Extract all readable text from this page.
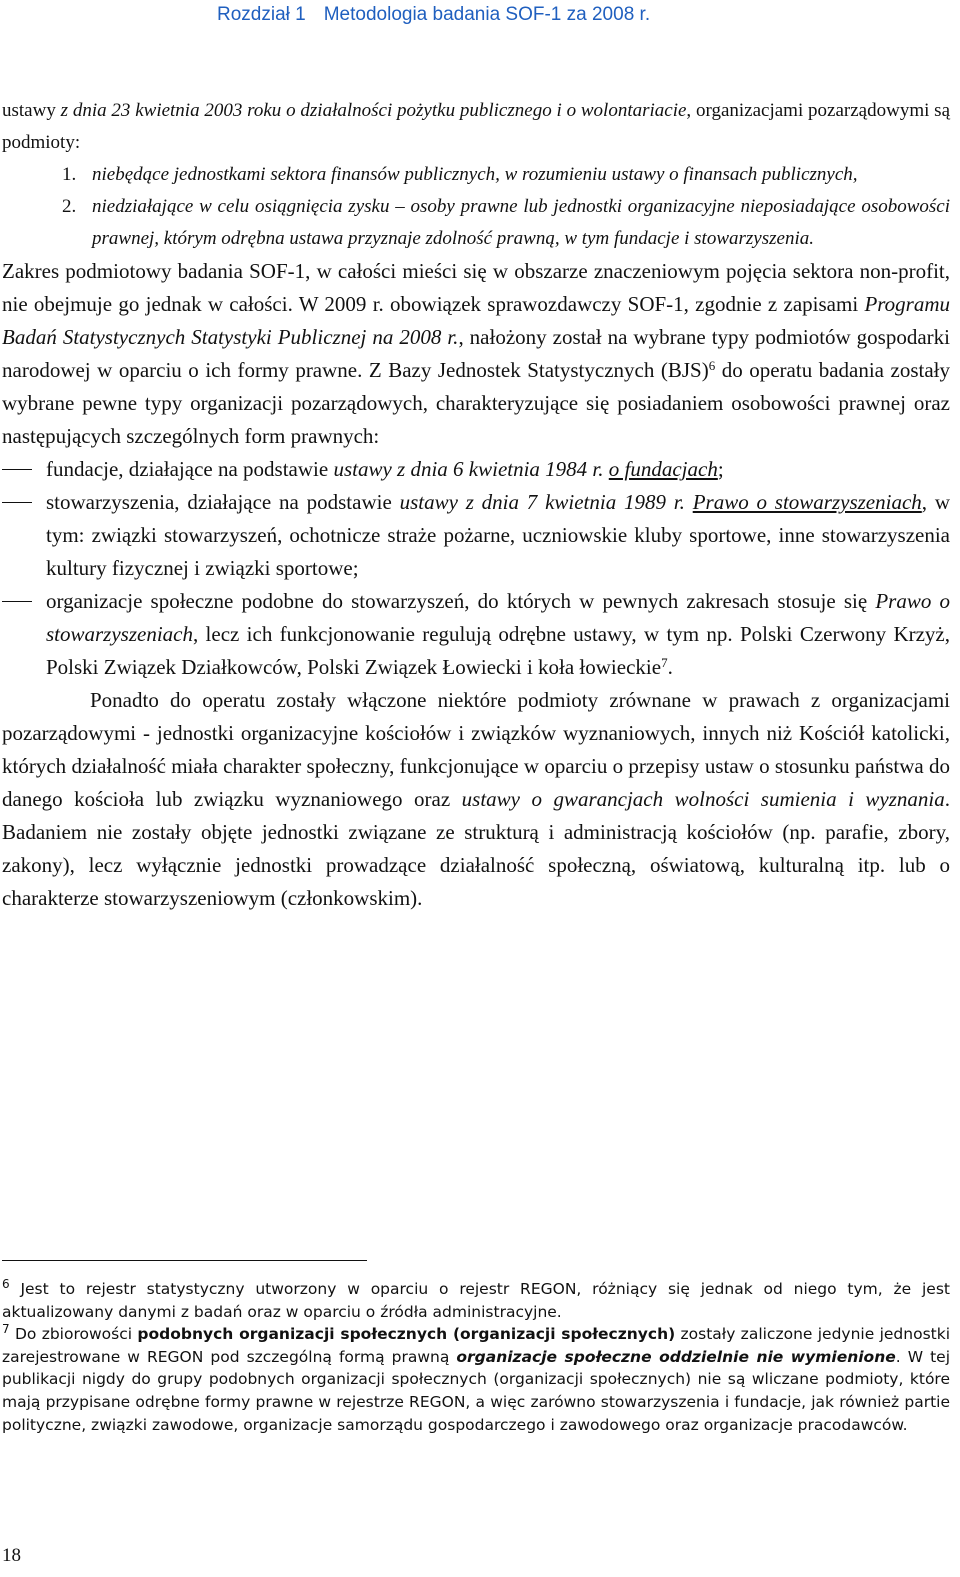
Rozdział 1 Metodologia badania SOF-1 za 2008 r.

ustawy z dnia 23 kwietnia 2003 roku o działalności pożytku publicznego i o wolontariacie, organizacjami pozarządowymi są podmioty:

1. niebędące jednostkami sektora finansów publicznych, w rozumieniu ustawy o finansach publicznych,
2. niedziałające w celu osiągnięcia zysku – osoby prawne lub jednostki organizacyjne nieposiadające osobowości prawnej, którym odrębna ustawa przyznaje zdolność prawną, w tym fundacje i stowarzyszenia.

Zakres podmiotowy badania SOF-1, w całości mieści się w obszarze znaczeniowym pojęcia sektora non-profit, nie obejmuje go jednak w całości. W 2009 r. obowiązek sprawozdawczy SOF-1, zgodnie z zapisami Programu Badań Statystycznych Statystyki Publicznej na 2008 r., nałożony został na wybrane typy podmiotów gospodarki narodowej w oparciu o ich formy prawne. Z Bazy Jednostek Statystycznych (BJS)$^6$ do operatu badania zostały wybrane pewne typy organizacji pozarządowych, charakteryzujące się posiadaniem osobowości prawnej oraz następujących szczególnych form prawnych:

fundacje, działające na podstawie ustawy z dnia 6 kwietnia 1984 r. o fundacjach;
stowarzyszenia, działające na podstawie ustawy z dnia 7 kwietnia 1989 r. Prawo o stowarzyszeniach, w tym: związki stowarzyszeń, ochotnicze straże pożarne, uczniowskie kluby sportowe, inne stowarzyszenia kultury fizycznej i związki sportowe;
organizacje społeczne podobne do stowarzyszeń, do których w pewnych zakresach stosuje się Prawo o stowarzyszeniach, lecz ich funkcjonowanie regulują odrębne ustawy, w tym np. Polski Czerwony Krzyż, Polski Związek Działkowców, Polski Związek Łowiecki i koła łowieckie$^7$.

Ponadto do operatu zostały włączone niektóre podmioty zrównane w prawach z organizacjami pozarządowymi - jednostki organizacyjne kościołów i związków wyznaniowych, innych niż Kościół katolicki, których działalność miała charakter społeczny, funkcjonujące w oparciu o przepisy ustaw o stosunku państwa do danego kościoła lub związku wyznaniowego oraz ustawy o gwarancjach wolności sumienia i wyznania. Badaniem nie zostały objęte jednostki związane ze strukturą i administracją kościołów (np. parafie, zbory, zakony), lecz wyłącznie jednostki prowadzące działalność społeczną, oświatową, kulturalną itp. lub o charakterze stowarzyszeniowym (członkowskim).

$^6$ Jest to rejestr statystyczny utworzony w oparciu o rejestr REGON, różniący się jednak od niego tym, że jest aktualizowany danymi z badań oraz w oparciu o źródła administracyjne.

$^7$ Do zbiorowości podobnych organizacji społecznych (organizacji społecznych) zostały zaliczone jedynie jednostki zarejestrowane w REGON pod szczególną formą prawną organizacje społeczne oddzielnie nie wymienione. W tej publikacji nigdy do grupy podobnych organizacji społecznych (organizacji społecznych) nie są wliczane podmioty, które mają przypisane odrębne formy prawne w rejestrze REGON, a więc zarówno stowarzyszenia i fundacje, jak również partie polityczne, związki zawodowe, organizacje samorządu gospodarczego i zawodowego oraz organizacje pracodawców.

18
